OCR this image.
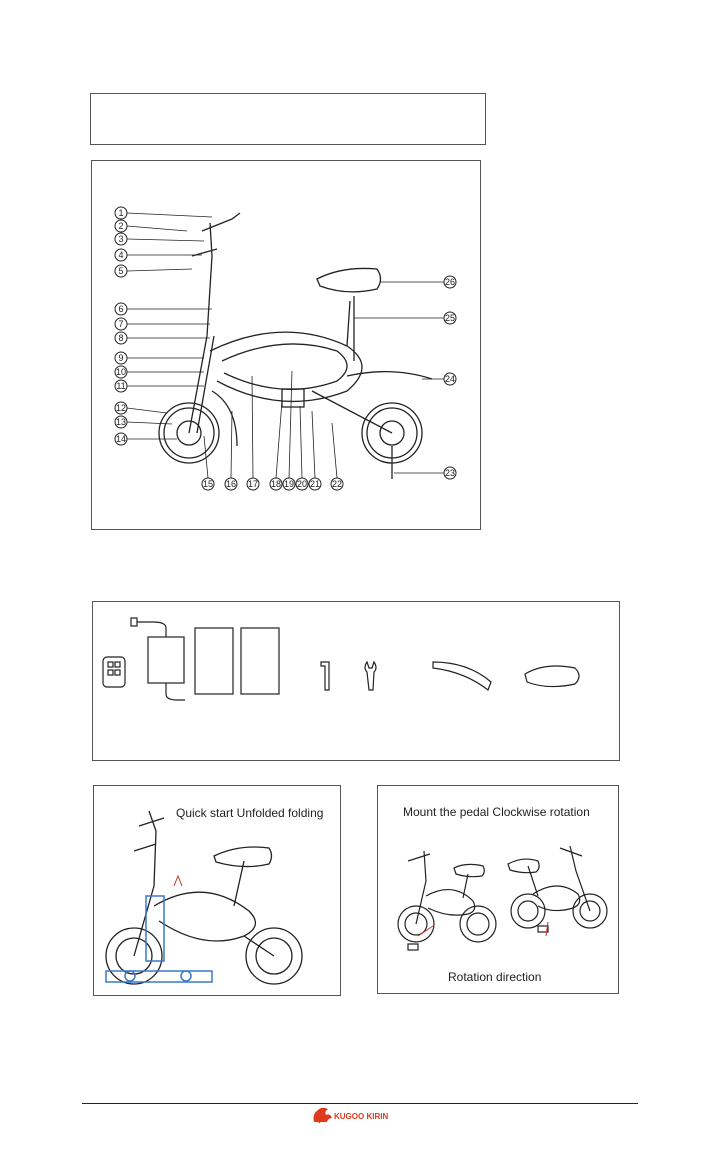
1
2
3
4
5
6
7
8
9
10
11
12
13
14
15 16 17 18 19 20 21 22
23
24
25
26
Quick start Unfolded folding	Mount the pedal Clockwise rotation
Rotation direction
KUGOO KIRIN
